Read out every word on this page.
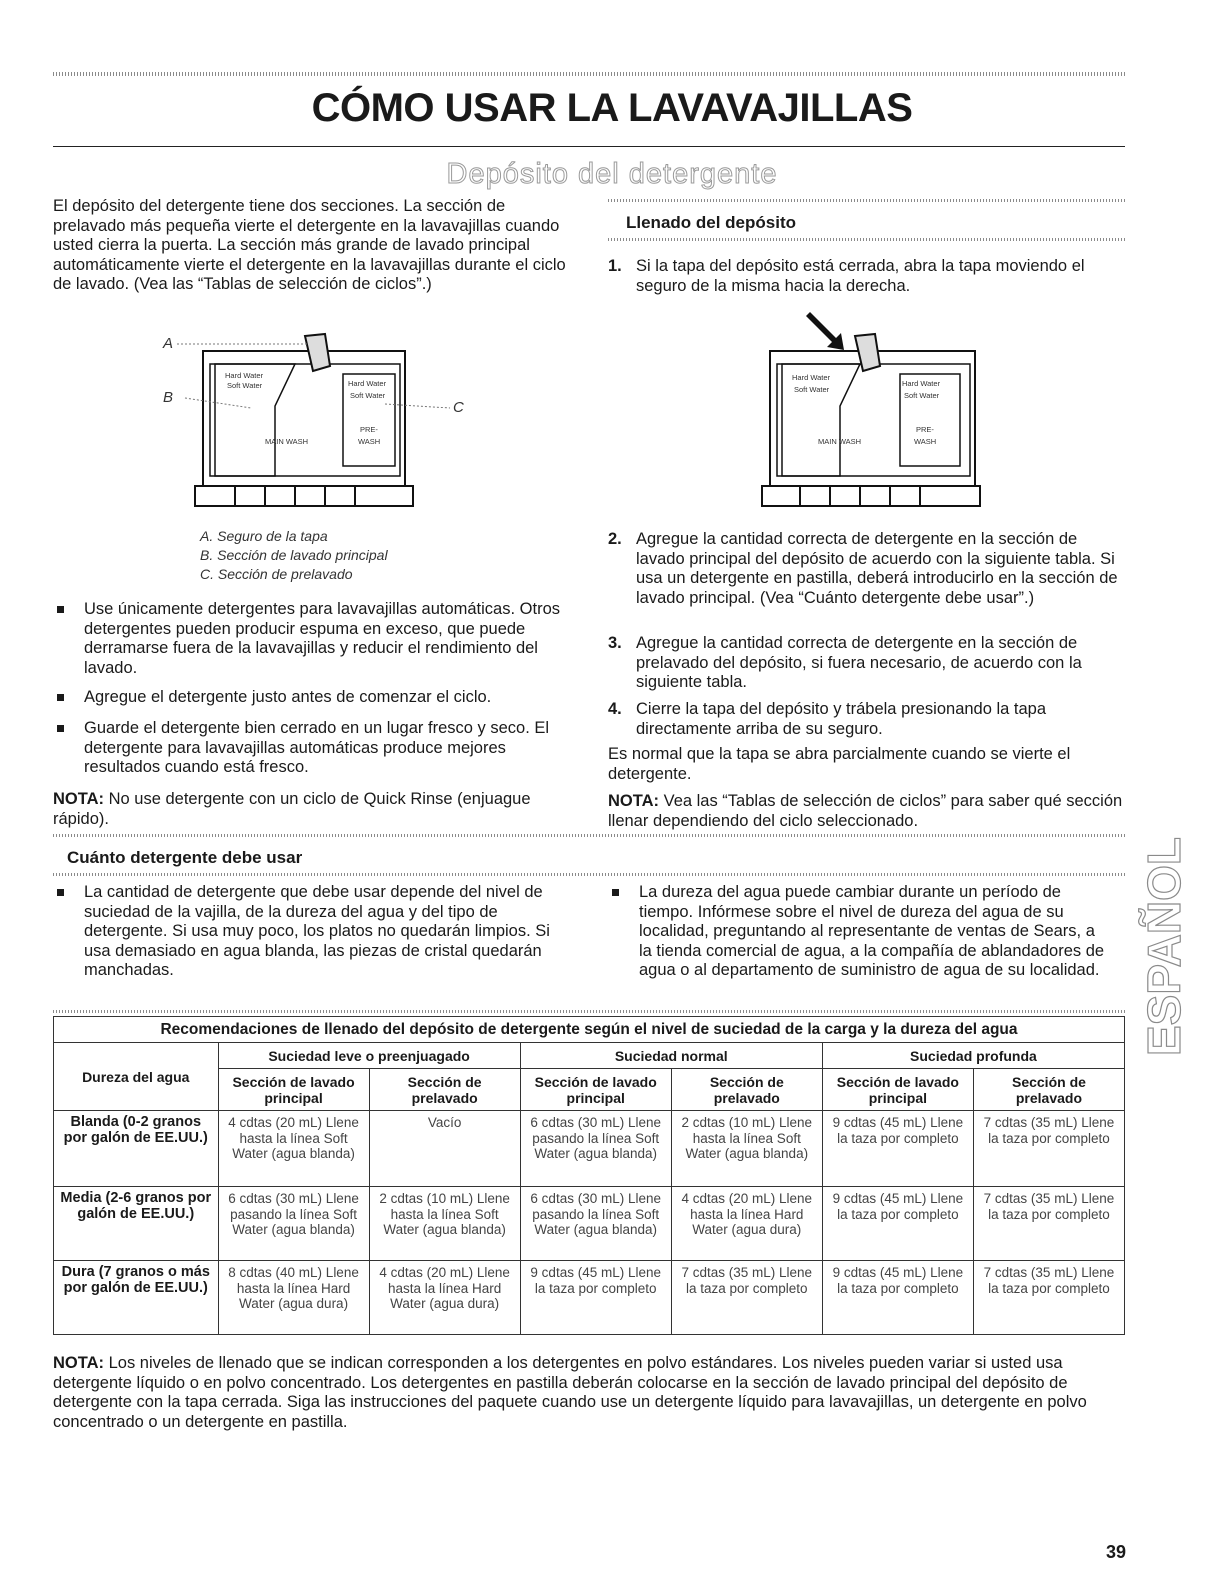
CÓMO USAR LA LAVAVAJILLAS
Depósito del detergente
El depósito del detergente tiene dos secciones. La sección de prelavado más pequeña vierte el detergente en la lavavajillas cuando usted cierra la puerta. La sección más grande de lavado principal automáticamente vierte el detergente en la lavavajillas durante el ciclo de lavado. (Vea las “Tablas de selección de ciclos”.)
A
B
C
Hard Water
Soft Water	Hard Water
Soft Water
MAIN WASH
PRE-
WASH
A. Seguro de la tapa
B. Sección de lavado principal
C. Sección de prelavado
Use únicamente detergentes para lavavajillas automáticas. Otros detergentes pueden producir espuma en exceso, que puede derramarse fuera de la lavavajillas y reducir el rendimiento del lavado.
Agregue el detergente justo antes de comenzar el ciclo.
Guarde el detergente bien cerrado en un lugar fresco y seco. El detergente para lavavajillas automáticas produce mejores resultados cuando está fresco.
NOTA: No use detergente con un ciclo de Quick Rinse (enjuague rápido).
Llenado del depósito
1. Si la tapa del depósito está cerrada, abra la tapa moviendo el seguro de la misma hacia la derecha.
Hard Water
Soft Water
Hard Water
Soft Water
MAIN WASH
PRE-
WASH
2. Agregue la cantidad correcta de detergente en la sección de lavado principal del depósito de acuerdo con la siguiente tabla. Si usa un detergente en pastilla, deberá introducirlo en la sección de lavado principal. (Vea “Cuánto detergente debe usar”.)
3. Agregue la cantidad correcta de detergente en la sección de prelavado del depósito, si fuera necesario, de acuerdo con la siguiente tabla.
4. Cierre la tapa del depósito y trábela presionando la tapa directamente arriba de su seguro.
Es normal que la tapa se abra parcialmente cuando se vierte el detergente.
NOTA: Vea las “Tablas de selección de ciclos” para saber qué sección llenar dependiendo del ciclo seleccionado.
Cuánto detergente debe usar
La cantidad de detergente que debe usar depende del nivel de suciedad de la vajilla, de la dureza del agua y del tipo de detergente. Si usa muy poco, los platos no quedarán limpios. Si usa demasiado en agua blanda, las piezas de cristal quedarán manchadas.
La dureza del agua puede cambiar durante un período de tiempo. Infórmese sobre el nivel de dureza del agua de su localidad, preguntando al representante de ventas de Sears, a la tienda comercial de agua, a la compañía de ablandadores de agua o al departamento de suministro de agua de su localidad. ESPAÑOL
Recomendaciones de llenado del depósito de detergente según el nivel de suciedad de la carga y la dureza del agua
Dureza del agua	Suciedad leve o preenjuagado		Suciedad normal		Suciedad profunda	
	Sección de lavado principal	Sección de prelavado	Sección de lavado principal	Sección de prelavado	Sección de lavado principal	Sección de prelavado
Blanda (0-2 granos por galón de EE.UU.)	4 cdtas (20 mL) Llene hasta la línea Soft Water (agua blanda)	Vacío	6 cdtas (30 mL) Llene pasando la línea Soft Water (agua blanda)	2 cdtas (10 mL) Llene hasta la línea Soft Water (agua blanda)	9 cdtas (45 mL) Llene la taza por completo	7 cdtas (35 mL) Llene la taza por completo
Media (2-6 granos por galón de EE.UU.)	6 cdtas (30 mL) Llene pasando la línea Soft Water (agua blanda)	2 cdtas (10 mL) Llene hasta la línea Soft Water (agua blanda)	6 cdtas (30 mL) Llene pasando la línea Soft Water (agua blanda)	4 cdtas (20 mL) Llene hasta la línea Hard Water (agua dura)	9 cdtas (45 mL) Llene la taza por completo	7 cdtas (35 mL) Llene la taza por completo
Dura (7 granos o más por galón de EE.UU.)	8 cdtas (40 mL) Llene hasta la línea Hard Water (agua dura)	4 cdtas (20 mL) Llene hasta la línea Hard Water (agua dura)	9 cdtas (45 mL) Llene la taza por completo	7 cdtas (35 mL) Llene la taza por completo	9 cdtas (45 mL) Llene la taza por completo	7 cdtas (35 mL) Llene la taza por completo
NOTA: Los niveles de llenado que se indican corresponden a los detergentes en polvo estándares. Los niveles pueden variar si usted usa detergente líquido o en polvo concentrado. Los detergentes en pastilla deberán colocarse en la sección de lavado principal del depósito de detergente con la tapa cerrada. Siga las instrucciones del paquete cuando use un detergente líquido para lavavajillas, un detergente en polvo concentrado o un detergente en pastilla.
39
